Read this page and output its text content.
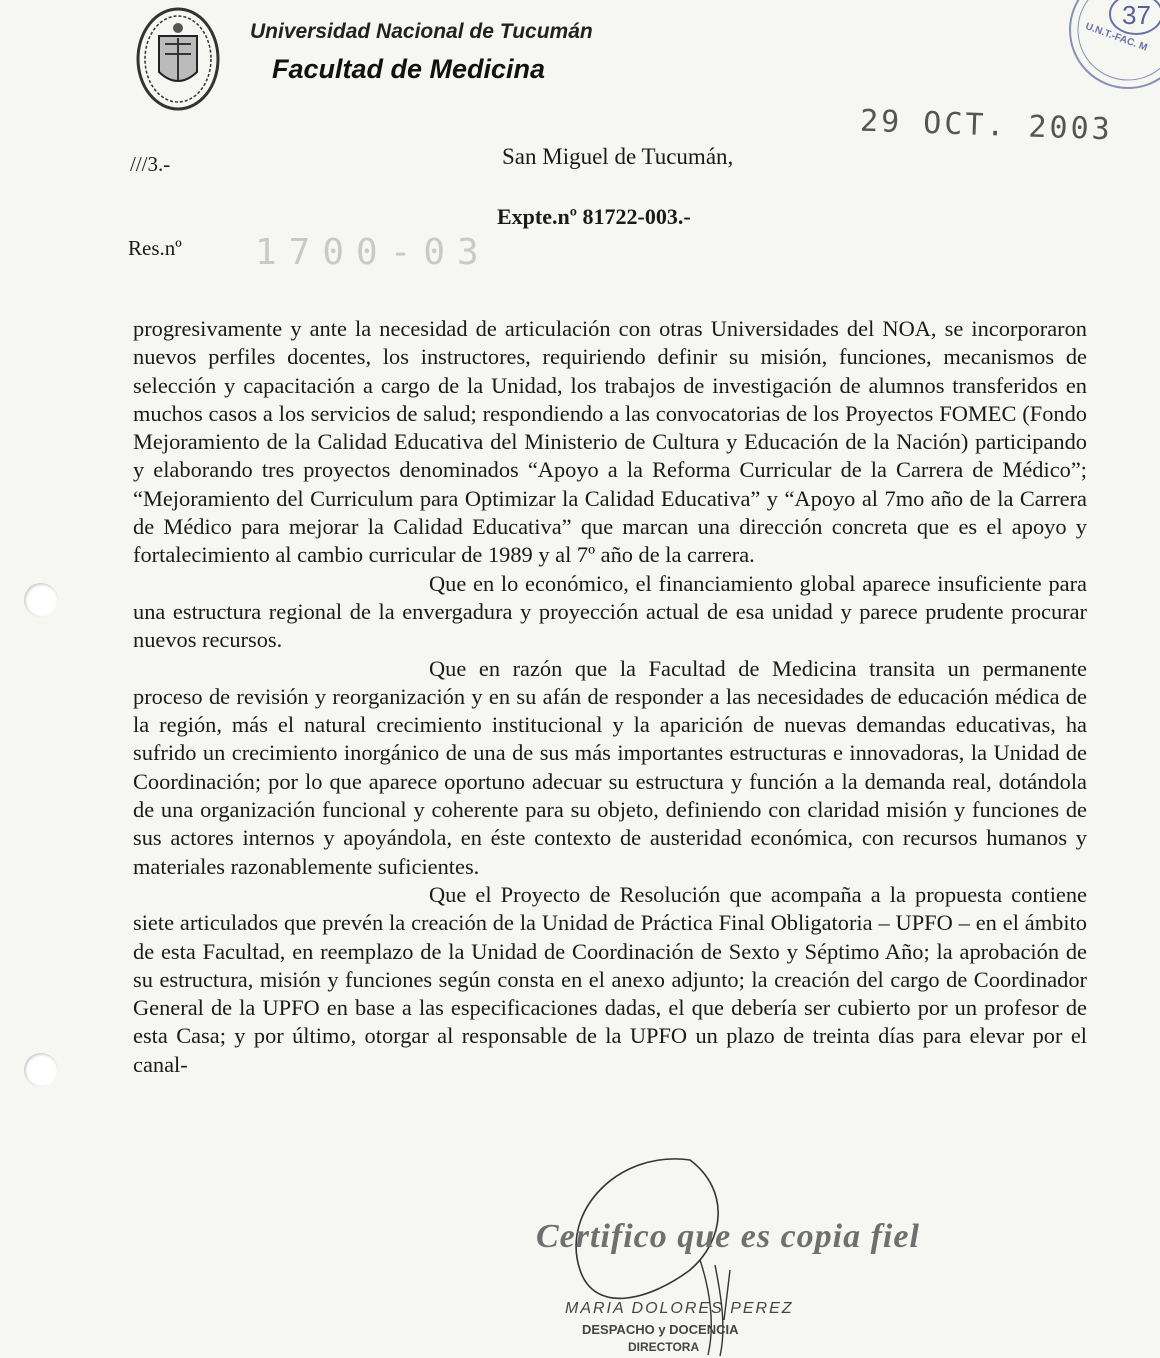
Universidad Nacional de Tucumán
Facultad de Medicina
37
U.N.T.-FAC. M
29 OCT. 2003
///3.-	San Miguel de Tucumán,
Expte.nº 81722-003.-
Res.nº 1700-03

progresivamente y ante la necesidad de articulación con otras Universidades del NOA, se incorporaron nuevos perfiles docentes, los instructores, requiriendo definir su misión, funciones, mecanismos de selección y capacitación a cargo de la Unidad, los trabajos de investigación de alumnos transferidos en muchos casos a los servicios de salud; respondiendo a las convocatorias de los Proyectos FOMEC (Fondo Mejoramiento de la Calidad Educativa del Ministerio de Cultura y Educación de la Nación) participando y elaborando tres proyectos denominados “Apoyo a la Reforma Curricular de la Carrera de Médico”; “Mejoramiento del Curriculum para Optimizar la Calidad Educativa” y “Apoyo al 7mo año de la Carrera de Médico para mejorar la Calidad Educativa” que marcan una dirección concreta que es el apoyo y fortalecimiento al cambio curricular de 1989 y al 7º año de la carrera.

Que en lo económico, el financiamiento global aparece insuficiente para una estructura regional de la envergadura y proyección actual de esa unidad y parece prudente procurar nuevos recursos.

Que en razón que la Facultad de Medicina transita un permanente proceso de revisión y reorganización y en su afán de responder a las necesidades de educación médica de la región, más el natural crecimiento institucional y la aparición de nuevas demandas educativas, ha sufrido un crecimiento inorgánico de una de sus más importantes estructuras e innovadoras, la Unidad de Coordinación; por lo que aparece oportuno adecuar su estructura y función a la demanda real, dotándola de una organización funcional y coherente para su objeto, definiendo con claridad misión y funciones de sus actores internos y apoyándola, en éste contexto de austeridad económica, con recursos humanos y materiales razonablemente suficientes.

Que el Proyecto de Resolución que acompaña a la propuesta contiene siete articulados que prevén la creación de la Unidad de Práctica Final Obligatoria – UPFO – en el ámbito de esta Facultad, en reemplazo de la Unidad de Coordinación de Sexto y Séptimo Año; la aprobación de su estructura, misión y funciones según consta en el anexo adjunto; la creación del cargo de Coordinador General de la UPFO en base a las especificaciones dadas, el que debería ser cubierto por un profesor de esta Casa; y por último, otorgar al responsable de la UPFO un plazo de treinta días para elevar por el canal-

Certifico que es copia fiel
MARIA DOLORES PEREZ
DESPACHO y DOCENCIA
DIRECTORA
